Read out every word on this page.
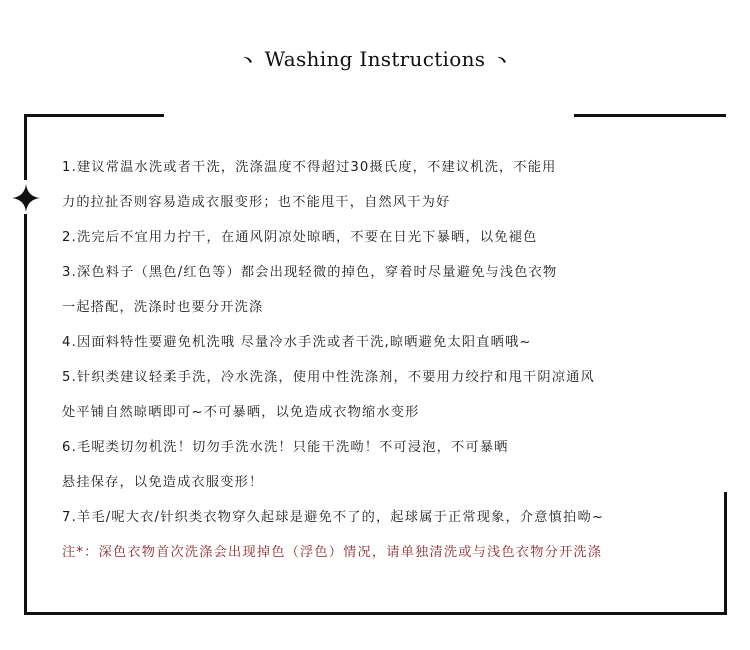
Washing Instructions
1.建议常温水洗或者干洗，洗涤温度不得超过30摄氏度，不建议机洗，不能用
力的拉扯否则容易造成衣服变形；也不能甩干，自然风干为好
2.洗完后不宜用力拧干，在通风阴凉处晾晒，不要在日光下暴晒，以免褪色
3.深色料子（黑色/红色等）都会出现轻微的掉色，穿着时尽量避免与浅色衣物
一起搭配，洗涤时也要分开洗涤
4.因面料特性要避免机洗哦 尽量冷水手洗或者干洗,晾晒避免太阳直晒哦~
5.针织类建议轻柔手洗，冷水洗涤，使用中性洗涤剂，不要用力绞拧和甩干阴凉通风
处平铺自然晾晒即可~不可暴晒，以免造成衣物缩水变形
6.毛呢类切勿机洗！切勿手洗水洗！只能干洗呦！不可浸泡，不可暴晒
悬挂保存，以免造成衣服变形！
7.羊毛/呢大衣/针织类衣物穿久起球是避免不了的，起球属于正常现象，介意慎拍呦~
注*：深色衣物首次洗涤会出现掉色（浮色）情况，请单独清洗或与浅色衣物分开洗涤
